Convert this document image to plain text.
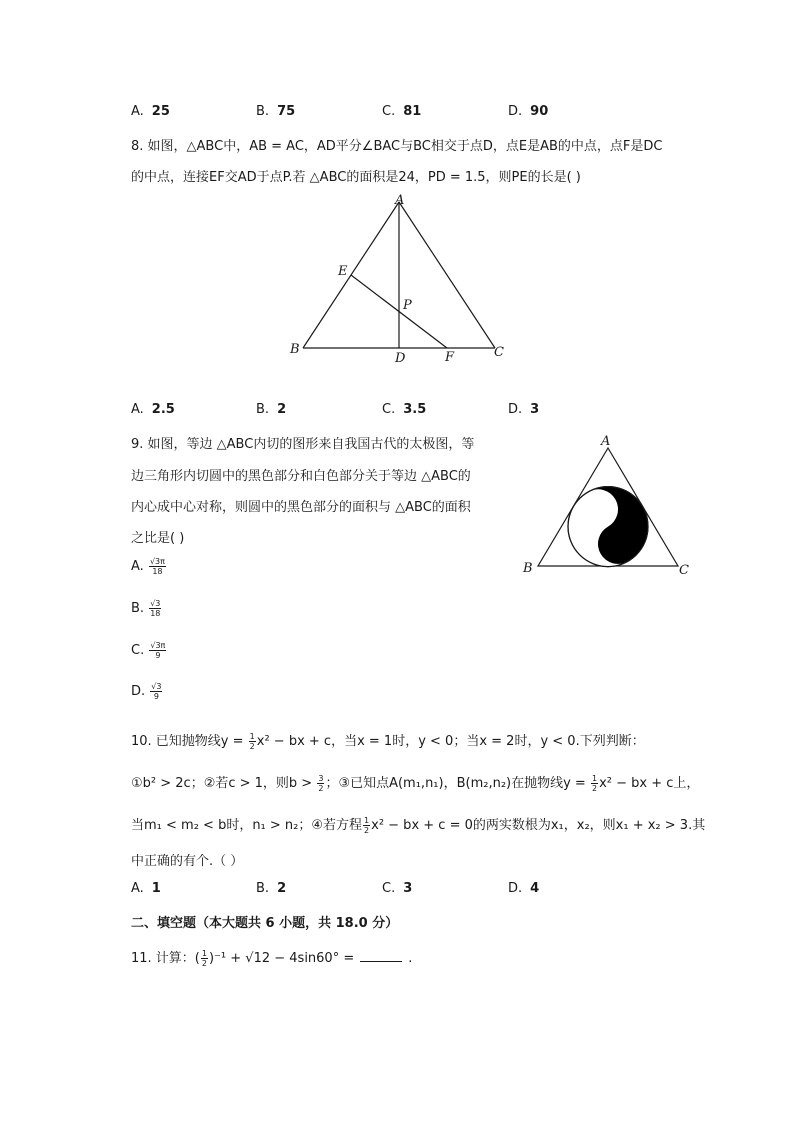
A. 25	B. 75	C. 81	D. 90
8. 如图，△ABC中，AB = AC，AD平分∠BAC与BC相交于点D，点E是AB的中点，点F是DC
的中点，连接EF交AD于点P.若 △ABC的面积是24，PD = 1.5，则PE的长是( )
A
B	C
D
E
F
P
A. 2.5	B. 2	C. 3.5	D. 3
9. 如图，等边 △ABC内切的图形来自我国古代的太极图，等
边三角形内切圆中的黑色部分和白色部分关于等边 △ABC的
内心成中心对称，则圆中的黑色部分的面积与 △ABC的面积
之比是( )
A. $\frac{√3\pi}{18}$
B. $\frac{√3}{18}$
C. $\frac{√3\pi}{9}$
D. $\frac{√3}{9}$
A
B	C
10. 已知抛物线$y = \frac{1}{2} x^2$ − bx + c，当x = 1时，y < 0；当x = 2时，y < 0.下列判断：
①b² > 2c；②若c > 1，则$b > \frac{3}{2}$ ；③已知点A(m₁,n₁)，B(m₂,n₂)在抛物线$y = \frac{1}{2} x^2$ − bx + c上，
当m₁ < m₂ < b时，n₁ > n₂；④若方程 $\frac{1}{2} x^2$ − bx + c = 0的两实数根为x₁，x₂，则x₁ + x₂ > 3.其
中正确的有个.（ ）
A. 1	B. 2	C. 3	D. 4
二、填空题（本大题共 6 小题，共 18.0 分）
11. 计算：( $\frac{1}{2} )^{-1} + √12 - 4\sin 60^\circ$ =	.
